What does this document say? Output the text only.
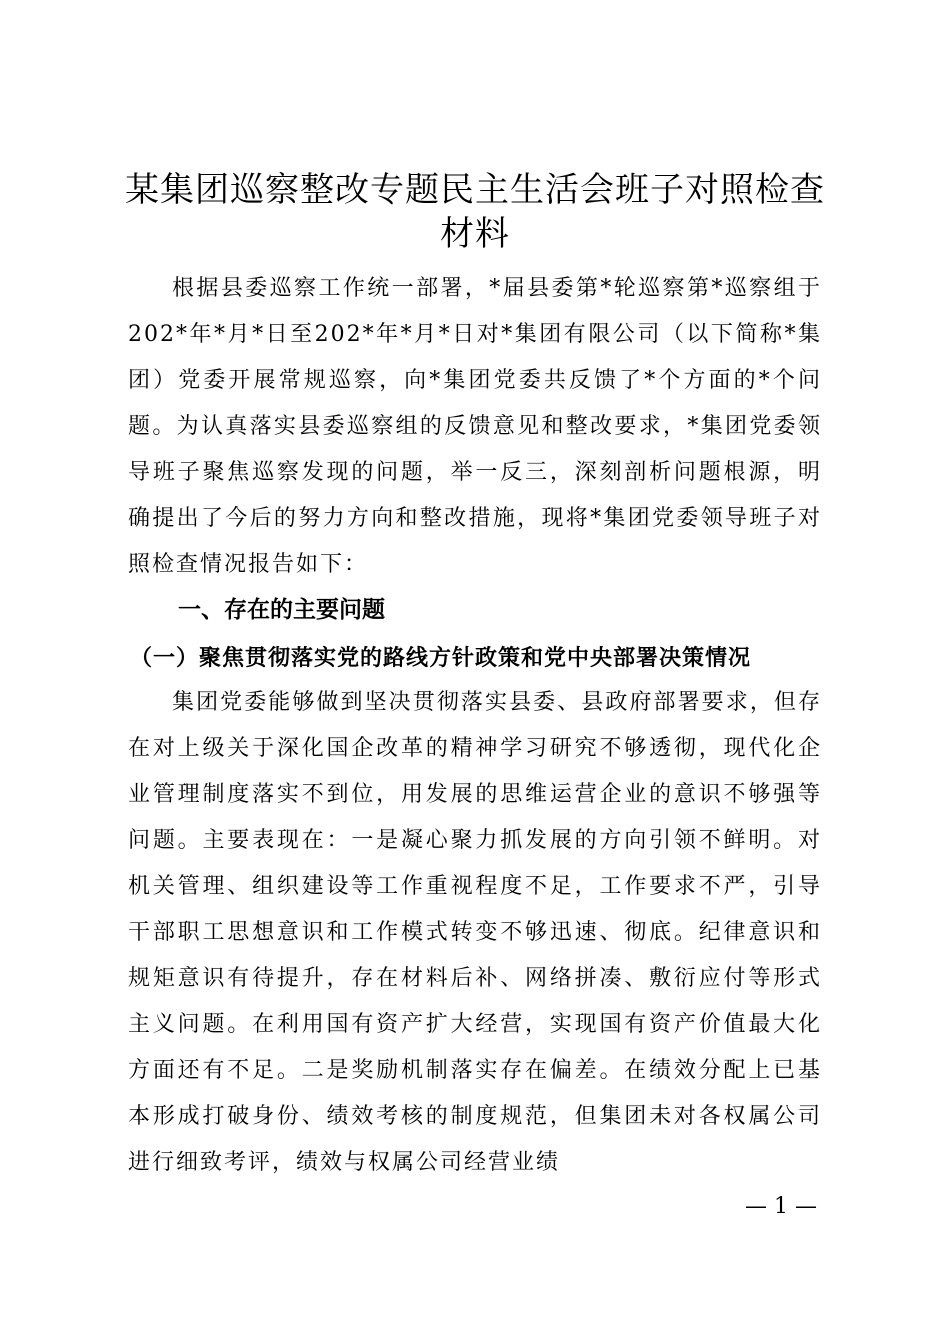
某集团巡察整改专题民主生活会班子对照检查
材料

根据县委巡察工作统一部署，*届县委第*轮巡察第*巡察组于202*年*月*日至202*年*月*日对*集团有限公司（以下简称*集团）党委开展常规巡察，向*集团党委共反馈了*个方面的*个问题。为认真落实县委巡察组的反馈意见和整改要求，*集团党委领导班子聚焦巡察发现的问题，举一反三，深刻剖析问题根源，明确提出了今后的努力方向和整改措施，现将*集团党委领导班子对照检查情况报告如下：

一、存在的主要问题
（一）聚焦贯彻落实党的路线方针政策和党中央部署决策情况

集团党委能够做到坚决贯彻落实县委、县政府部署要求，但存在对上级关于深化国企改革的精神学习研究不够透彻，现代化企业管理制度落实不到位，用发展的思维运营企业的意识不够强等问题。主要表现在：一是凝心聚力抓发展的方向引领不鲜明。对机关管理、组织建设等工作重视程度不足，工作要求不严，引导干部职工思想意识和工作模式转变不够迅速、彻底。纪律意识和规矩意识有待提升，存在材料后补、网络拼凑、敷衍应付等形式主义问题。在利用国有资产扩大经营，实现国有资产价值最大化方面还有不足。二是奖励机制落实存在偏差。在绩效分配上已基本形成打破身份、绩效考核的制度规范，但集团未对各权属公司进行细致考评，绩效与权属公司经营业绩

— 1 —
